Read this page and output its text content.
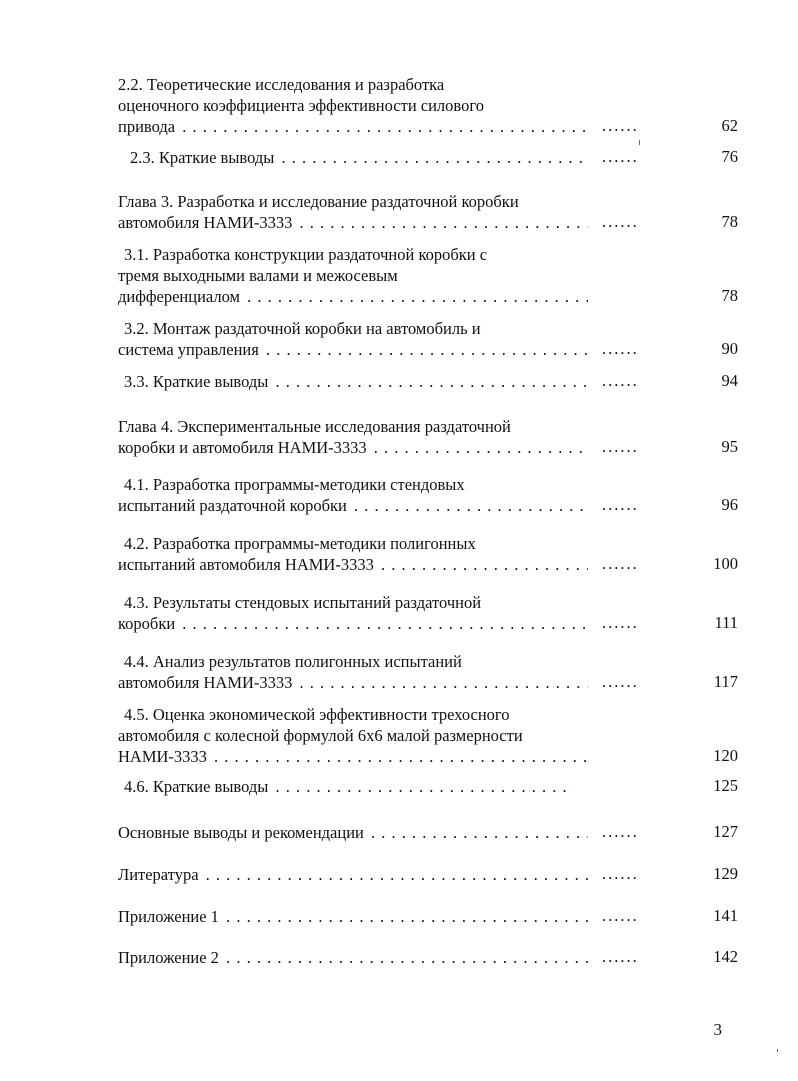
2.2. Теоретические исследования и разработка
оценочного коэффициента эффективности силового
привода . . .	......	62
2.3. Краткие выводы . . .	......	76
Глава 3. Разработка и исследование раздаточной коробки
автомобиля НАМИ-3333 . . .	......	78
3.1. Разработка конструкции раздаточной коробки с
тремя выходными валами и межосевым
дифференциалом . . .	78
3.2. Монтаж раздаточной коробки на автомобиль и
система управления . . .	......	90
3.3. Краткие выводы . . .	......	94
Глава 4. Экспериментальные исследования раздаточной
коробки и автомобиля НАМИ-3333 . . .	......	95
4.1. Разработка программы-методики стендовых
испытаний раздаточной коробки . . .	......	96
4.2. Разработка программы-методики полигонных
испытаний автомобиля НАМИ-3333 . . .	......	100
4.3. Результаты стендовых испытаний раздаточной
коробки . . .	......	111
4.4. Анализ результатов полигонных испытаний
автомобиля НАМИ-3333 . . .	......	117
4.5. Оценка экономической эффективности трехосного
автомобиля с колесной формулой 6х6 малой размерности
НАМИ-3333 . . .	120
4.6. Краткие выводы . . .	125
Основные выводы и рекомендации . . .	......	127
Литература . . .	......	129
Приложение 1 . . .	......	141
Приложение 2 . . .	......	142
3
